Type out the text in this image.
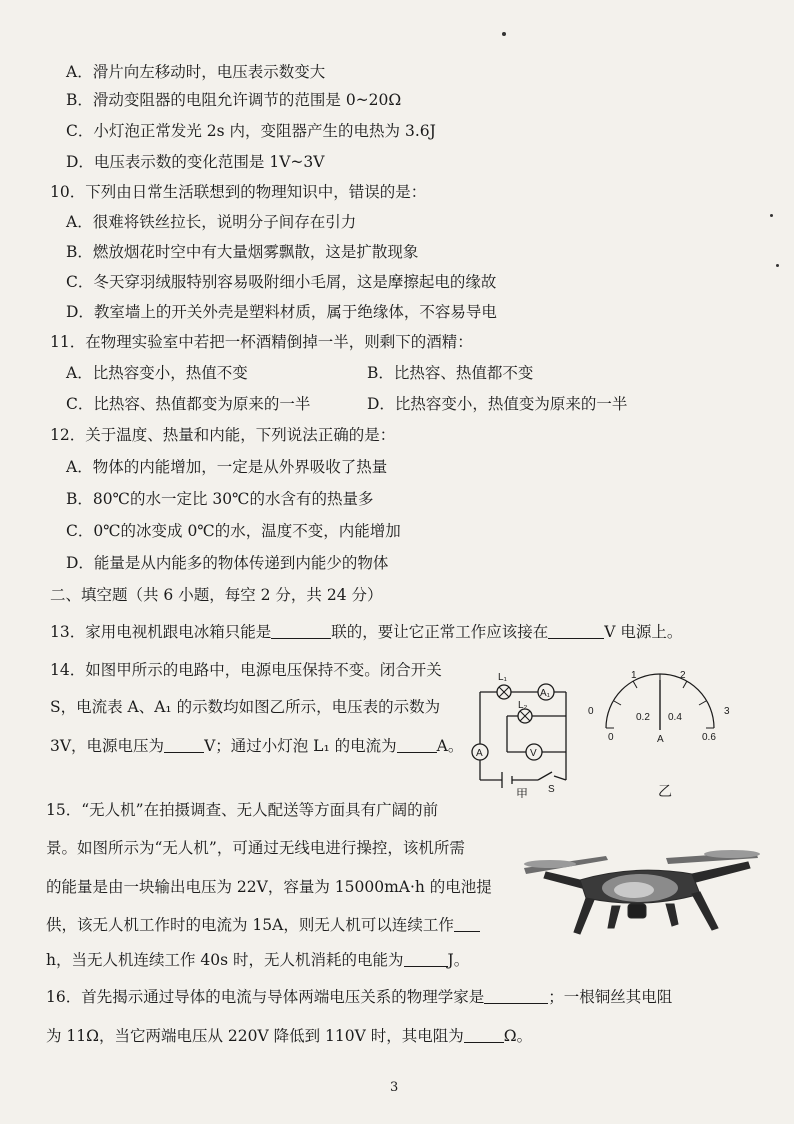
A．滑片向左移动时，电压表示数变大
B．滑动变阻器的电阻允许调节的范围是 0~20Ω
C．小灯泡正常发光 2s 内，变阻器产生的电热为 3.6J
D．电压表示数的变化范围是 1V~3V
10．下列由日常生活联想到的物理知识中，错误的是：
A．很难将铁丝拉长，说明分子间存在引力
B．燃放烟花时空中有大量烟雾飘散，这是扩散现象
C．冬天穿羽绒服特别容易吸附细小毛屑，这是摩擦起电的缘故
D．教室墙上的开关外壳是塑料材质，属于绝缘体，不容易导电
11．在物理实验室中若把一杯酒精倒掉一半，则剩下的酒精：
A．比热容变小，热值不变	B．比热容、热值都不变
C．比热容、热值都变为原来的一半	D．比热容变小，热值变为原来的一半
12．关于温度、热量和内能，下列说法正确的是：
A．物体的内能增加，一定是从外界吸收了热量
B．80℃的水一定比 30℃的水含有的热量多
C．0℃的冰变成 0℃的水，温度不变，内能增加
D．能量是从内能多的物体传递到内能少的物体
二、填空题（共 6 小题，每空 2 分，共 24 分）
13．家用电视机跟电冰箱只能是	联的，要让它正常工作应该接在	V 电源上。
14．如图甲所示的电路中，电源电压保持不变。闭合开关
S，电流表 A、A₁ 的示数均如图乙所示，电压表的示数为
3V，电源电压为	V；通过小灯泡 L₁ 的电流为	A。
L₁
L₂
A₁
A	V
S
甲
0
1	2
3
0
0.2 0.4
0.6
A
乙
15．“无人机”在拍摄调查、无人配送等方面具有广阔的前
景。如图所示为“无人机”，可通过无线电进行操控，该机所需
的能量是由一块输出电压为 22V，容量为 15000mA·h 的电池提
供，该无人机工作时的电流为 15A，则无人机可以连续工作
h，当无人机连续工作 40s 时，无人机消耗的电能为	J。
16．首先揭示通过导体的电流与导体两端电压关系的物理学家是	；一根铜丝其电阻
为 11Ω，当它两端电压从 220V 降低到 110V 时，其电阻为	Ω。
3
